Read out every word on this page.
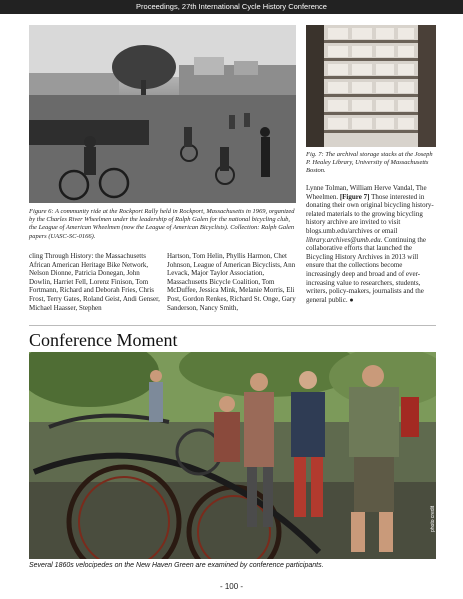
Proceedings, 27th International Cycle History Conference
Figure 6: A community ride at the Rockport Rally held in Rockport, Massachusetts in 1969, organized by the Charles River Wheelmen under the leadership of Ralph Galen for the national bicycling club, the League of American Wheelmen (now the League of American Bicyclists). Collection: Ralph Galen papers (UASC-SC-0166).
Fig. 7: The archival storage stacks at the Joseph P. Healey Library, University of Massachusetts Boston.
Lynne Tolman, William Herve Vandal, The Wheelmen. [Figure 7] Those interested in donating their own original bicycling history-related materials to the growing bicycling history archive are invited to visit blogs.umb.edu/archives or email library.archives@umb.edu. Continuing the collaborative efforts that launched the Bicycling History Archives in 2013 will ensure that the collections become increasingly deep and broad and of ever-increasing value to researchers, students, writers, policy-makers, journalists and the general public. ●
cling Through History: the Massachusetts African American Heritage Bike Network, Nelson Dionne, Patricia Donegan, John Dowlin, Harriet Fell, Lorenz Finison, Tom Fortmann, Richard and Deborah Fries, Chris Frost, Terry Gates, Roland Geist, Andi Genser, Michael Haasser, Stephen
Hartson, Tom Helin, Phyllis Harmon, Chet Johnson, League of American Bicyclists, Ann Levack, Major Taylor Association, Massachusetts Bicycle Coalition, Tom McDuffee, Jessica Mink, Melanie Morris, Eli Post, Gordon Renkes, Richard St. Onge, Gary Sanderson, Nancy Smith,
Conference Moment
photo credit
Several 1860s velocipedes on the New Haven Green are examined by conference participants.
- 100 -
